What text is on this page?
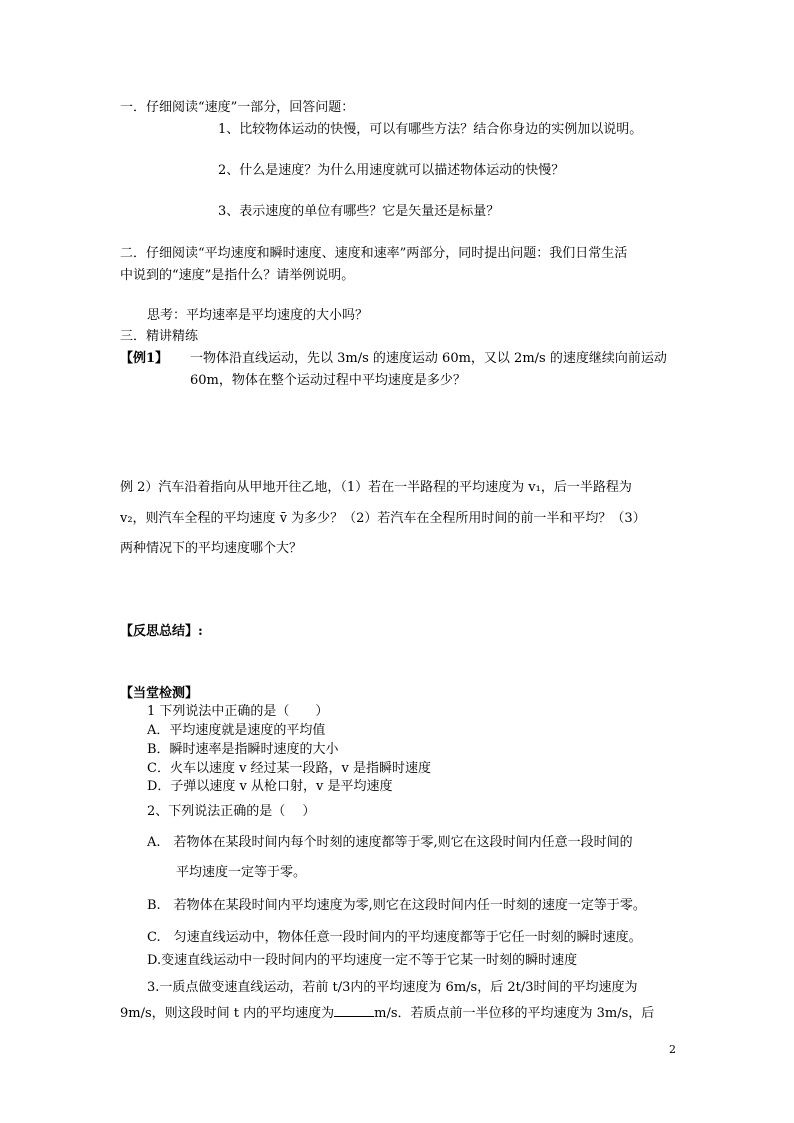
一．仔细阅读“速度”一部分，回答问题：
1、比较物体运动的快慢，可以有哪些方法？结合你身边的实例加以说明。
2、什么是速度？为什么用速度就可以描述物体运动的快慢？
3、表示速度的单位有哪些？它是矢量还是标量？
二．仔细阅读“平均速度和瞬时速度、速度和速率”两部分，同时提出问题：我们日常生活
中说到的“速度”是指什么？请举例说明。
思考：平均速率是平均速度的大小吗？
三．精讲精练
【例1】 一物体沿直线运动，先以 3m/s 的速度运动 60m，又以 2m/s 的速度继续向前运动
60m，物体在整个运动过程中平均速度是多少？
例 2）汽车沿着指向从甲地开往乙地，（1）若在一半路程的平均速度为 v₁，后一半路程为
v₂，则汽车全程的平均速度 v̄ 为多少？（2）若汽车在全程所用时间的前一半和平均？（3）
两种情况下的平均速度哪个大？
【反思总结】:
【当堂检测】
1 下列说法中正确的是（　　）
A．平均速度就是速度的平均值
B．瞬时速率是指瞬时速度的大小
C．火车以速度 v 经过某一段路，v 是指瞬时速度
D．子弹以速度 v 从枪口射，v 是平均速度
2、下列说法正确的是（　 ）
A.　若物体在某段时间内每个时刻的速度都等于零,则它在这段时间内任意一段时间的
平均速度一定等于零。
B.　若物体在某段时间内平均速度为零,则它在这段时间内任一时刻的速度一定等于零。
C.　匀速直线运动中，物体任意一段时间内的平均速度都等于它任一时刻的瞬时速度。
D.变速直线运动中一段时间内的平均速度一定不等于它某一时刻的瞬时速度
3.一质点做变速直线运动，若前 t/3内的平均速度为 6m/s，后 2t/3时间的平均速度为
9m/s，则这段时间 t 内的平均速度为	m/s．若质点前一半位移的平均速度为 3m/s，后
2
